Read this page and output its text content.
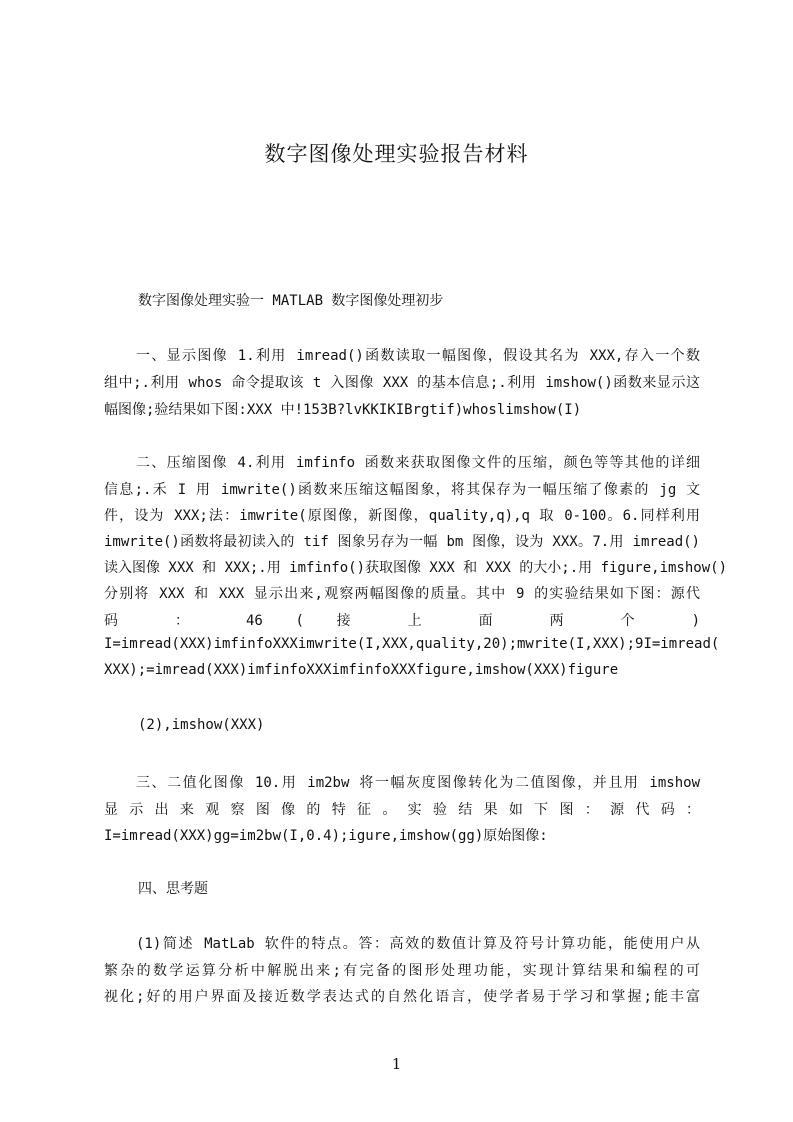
数字图像处理实验报告材料
数字图像处理实验一 MATLAB 数字图像处理初步
一、显示图像 1.利用 imread()函数读取一幅图像，假设其名为 XXX,存入一个数
组中;.利用 whos 命令提取该 t 入图像 XXX 的基本信息;.利用 imshow()函数来显示这
幅图像;验结果如下图:XXX 中!153B?lvKKIKIBrgtif)whoslimshow(I)
二、压缩图像 4.利用 imfinfo 函数来获取图像文件的压缩，颜色等等其他的详细
信息;.禾 I 用 imwrite()函数来压缩这幅图象，将其保存为一幅压缩了像素的 jg 文
件，设为 XXX;法：imwrite(原图像，新图像，quality,q),q 取 0-100。6.同样利用
imwrite()函数将最初读入的 tif 图象另存为一幅 bm 图像，设为 XXX。7.用 imread()
读入图像 XXX 和 XXX;.用 imfinfo()获取图像 XXX 和 XXX 的大小;.用 figure,imshow()
分别将 XXX 和 XXX 显示出来,观察两幅图像的质量。其中 9 的实验结果如下图：源代
码 ： 46 ( 接 上 面 两 个 )
I=imread(XXX)imfinfoXXXimwrite(I,XXX,quality,20);mwrite(I,XXX);9I=imread(
XXX);=imread(XXX)imfinfoXXXimfinfoXXXfigure,imshow(XXX)figure
(2),imshow(XXX)
三、二值化图像 10.用 im2bw 将一幅灰度图像转化为二值图像，并且用 imshow
显 示 出 来 观 察 图 像 的 特 征 。 实 验 结 果 如 下 图 ： 源 代 码 ：
I=imread(XXX)gg=im2bw(I,0.4);igure,imshow(gg)原始图像:
四、思考题
(1)简述 MatLab 软件的特点。答：高效的数值计算及符号计算功能，能使用户从
繁杂的数学运算分析中解脱出来;有完备的图形处理功能，实现计算结果和编程的可
视化;好的用户界面及接近数学表达式的自然化语言，使学者易于学习和掌握;能丰富
1
